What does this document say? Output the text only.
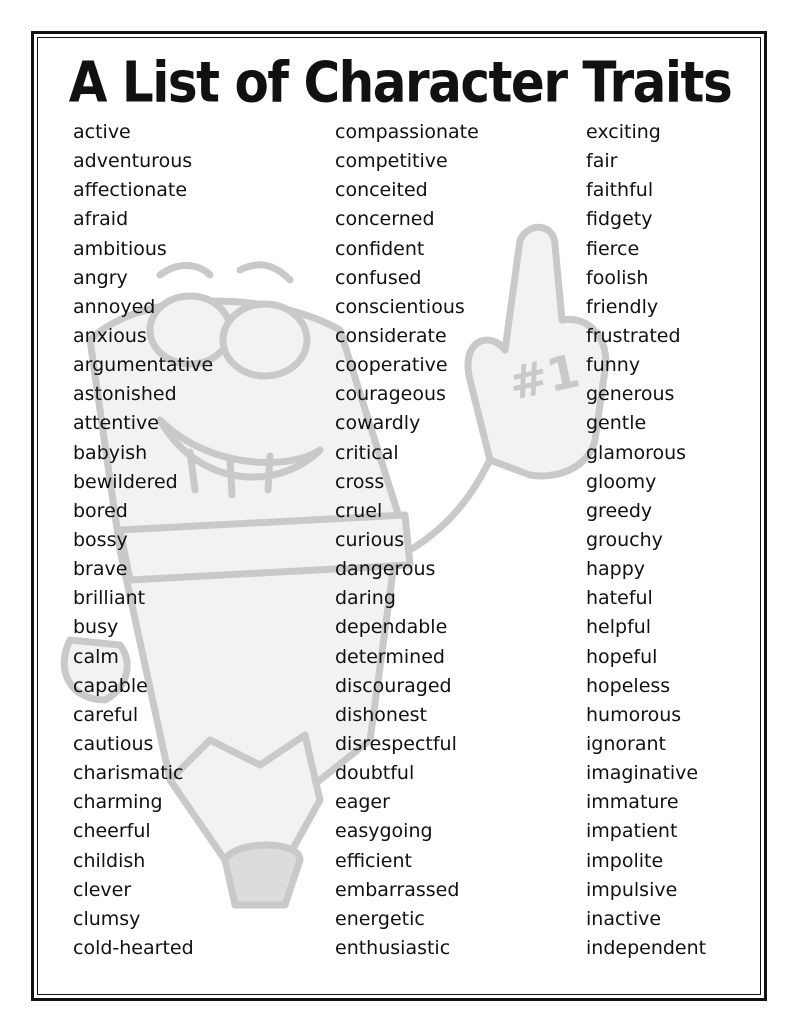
A List of Character Traits
#1
active
adventurous
affectionate
afraid
ambitious
angry
annoyed
anxious
argumentative
astonished
attentive
babyish
bewildered
bored
bossy
brave
brilliant
busy
calm
capable
careful
cautious
charismatic
charming
cheerful
childish
clever
clumsy
cold-hearted
compassionate
competitive
conceited
concerned
confident
confused
conscientious
considerate
cooperative
courageous
cowardly
critical
cross
cruel
curious
dangerous
daring
dependable
determined
discouraged
dishonest
disrespectful
doubtful
eager
easygoing
efficient
embarrassed
energetic
enthusiastic
exciting
fair
faithful
fidgety
fierce
foolish
friendly
frustrated
funny
generous
gentle
glamorous
gloomy
greedy
grouchy
happy
hateful
helpful
hopeful
hopeless
humorous
ignorant
imaginative
immature
impatient
impolite
impulsive
inactive
independent
